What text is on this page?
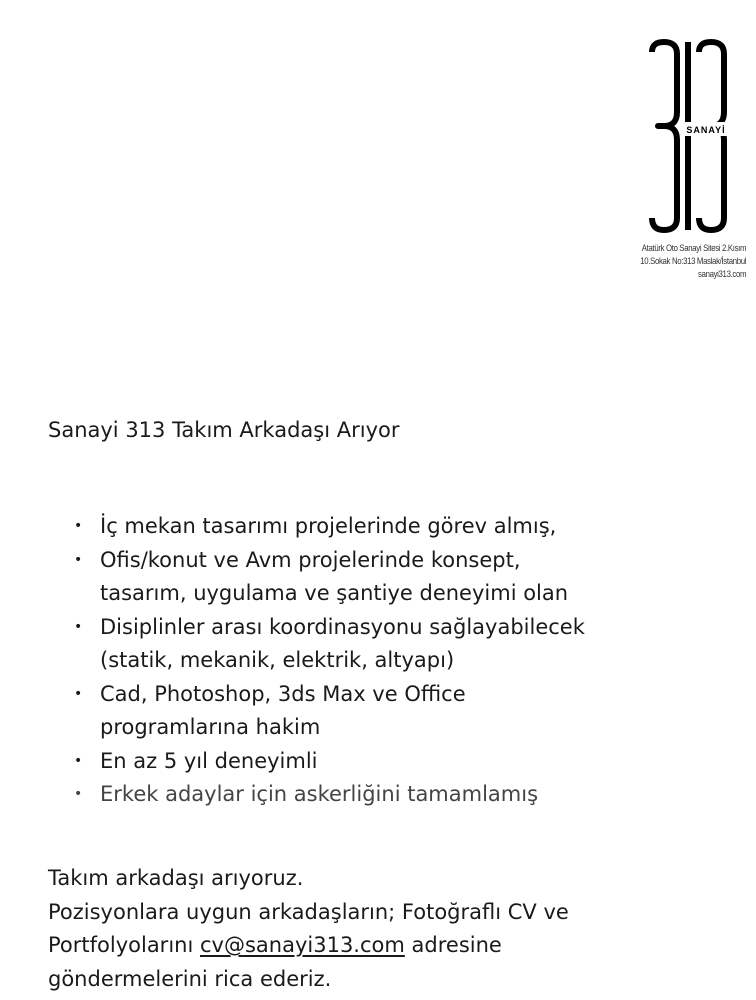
SANAYİ
Atatürk Oto Sanayi Sitesi 2.Kısım
10.Sokak No:313 Maslak/İstanbul
sanayi313.com
Sanayi 313 Takım Arkadaşı Arıyor
• İç mekan tasarımı projelerinde görev almış,
• Ofis/konut ve Avm projelerinde konsept,
tasarım, uygulama ve şantiye deneyimi olan
• Disiplinler arası koordinasyonu sağlayabilecek
(statik, mekanik, elektrik, altyapı)
• Cad, Photoshop, 3ds Max ve Office
programlarına hakim
• En az 5 yıl deneyimli
• Erkek adaylar için askerliğini tamamlamış
Takım arkadaşı arıyoruz.
Pozisyonlara uygun arkadaşların; Fotoğraflı CV ve
Portfolyolarını cv@sanayi313.com adresine
göndermelerini rica ederiz.
